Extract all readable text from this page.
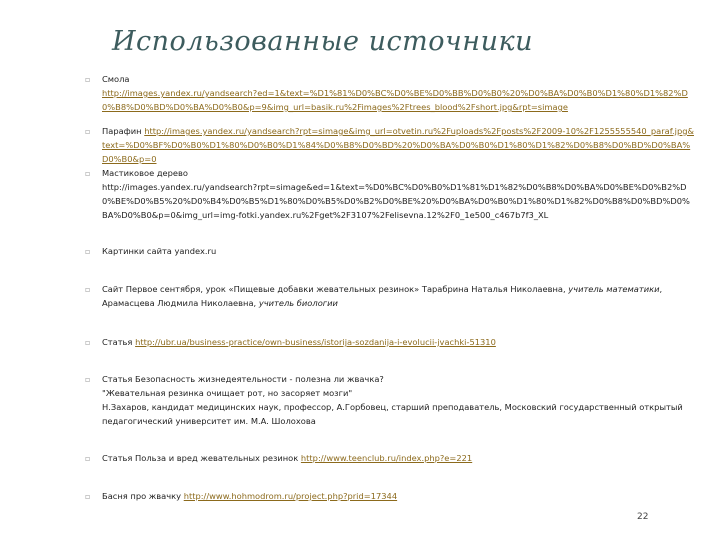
Использованные источники
▫ Смола
http://images.yandex.ru/yandsearch?ed=1&text=%D1%81%D0%BC%D0%BE%D0%BB%D0%B0%20%D0%BA%D0%B0%D1%80%D1%82%D0%B8%D0%BD%D0%BA%D0%B0&p=9&img_url=basik.ru%2Fimages%2Ftrees_blood%2Fshort.jpg&rpt=simage
▫ Парафин http://images.yandex.ru/yandsearch?rpt=simage&img_url=otvetin.ru%2Fuploads%2Fposts%2F2009-10%2F1255555540_paraf.jpg&text=%D0%BF%D0%B0%D1%80%D0%B0%D1%84%D0%B8%D0%BD%20%D0%BA%D0%B0%D1%80%D1%82%D0%B8%D0%BD%D0%BA%D0%B0&p=0
▫ Мастиковое дерево
http://images.yandex.ru/yandsearch?rpt=simage&ed=1&text=%D0%BC%D0%B0%D1%81%D1%82%D0%B8%D0%BA%D0%BE%D0%B2%D0%BE%D0%B5%20%D0%B4%D0%B5%D1%80%D0%B5%D0%B2%D0%BE%20%D0%BA%D0%B0%D1%80%D1%82%D0%B8%D0%BD%D0%BA%D0%B0&p=0&img_url=img-fotki.yandex.ru%2Fget%2F3107%2Felisevna.12%2F0_1e500_c467b7f3_XL
▫ Картинки сайта yandex.ru
▫ Сайт Первое сентября, урок «Пищевые добавки жевательных резинок» Тарабрина Наталья Николаевна, учитель математики, Арамасцева Людмила Николаевна, учитель биологии
▫ Статья http://ubr.ua/business-practice/own-business/istorija-sozdanija-i-evolucii-jvachki-51310
▫ Статья Безопасность жизнедеятельности - полезна ли жвачка?
"Жевательная резинка очищает рот, но засоряет мозги"
Н.Захаров, кандидат медицинских наук, профессор, А.Горбовец, старший преподаватель, Московский государственный открытый педагогический университет им. М.А. Шолохова
▫ Статья Польза и вред жевательных резинок http://www.teenclub.ru/index.php?e=221
▫ Басня про жвачку http://www.hohmodrom.ru/project.php?prid=17344
22
